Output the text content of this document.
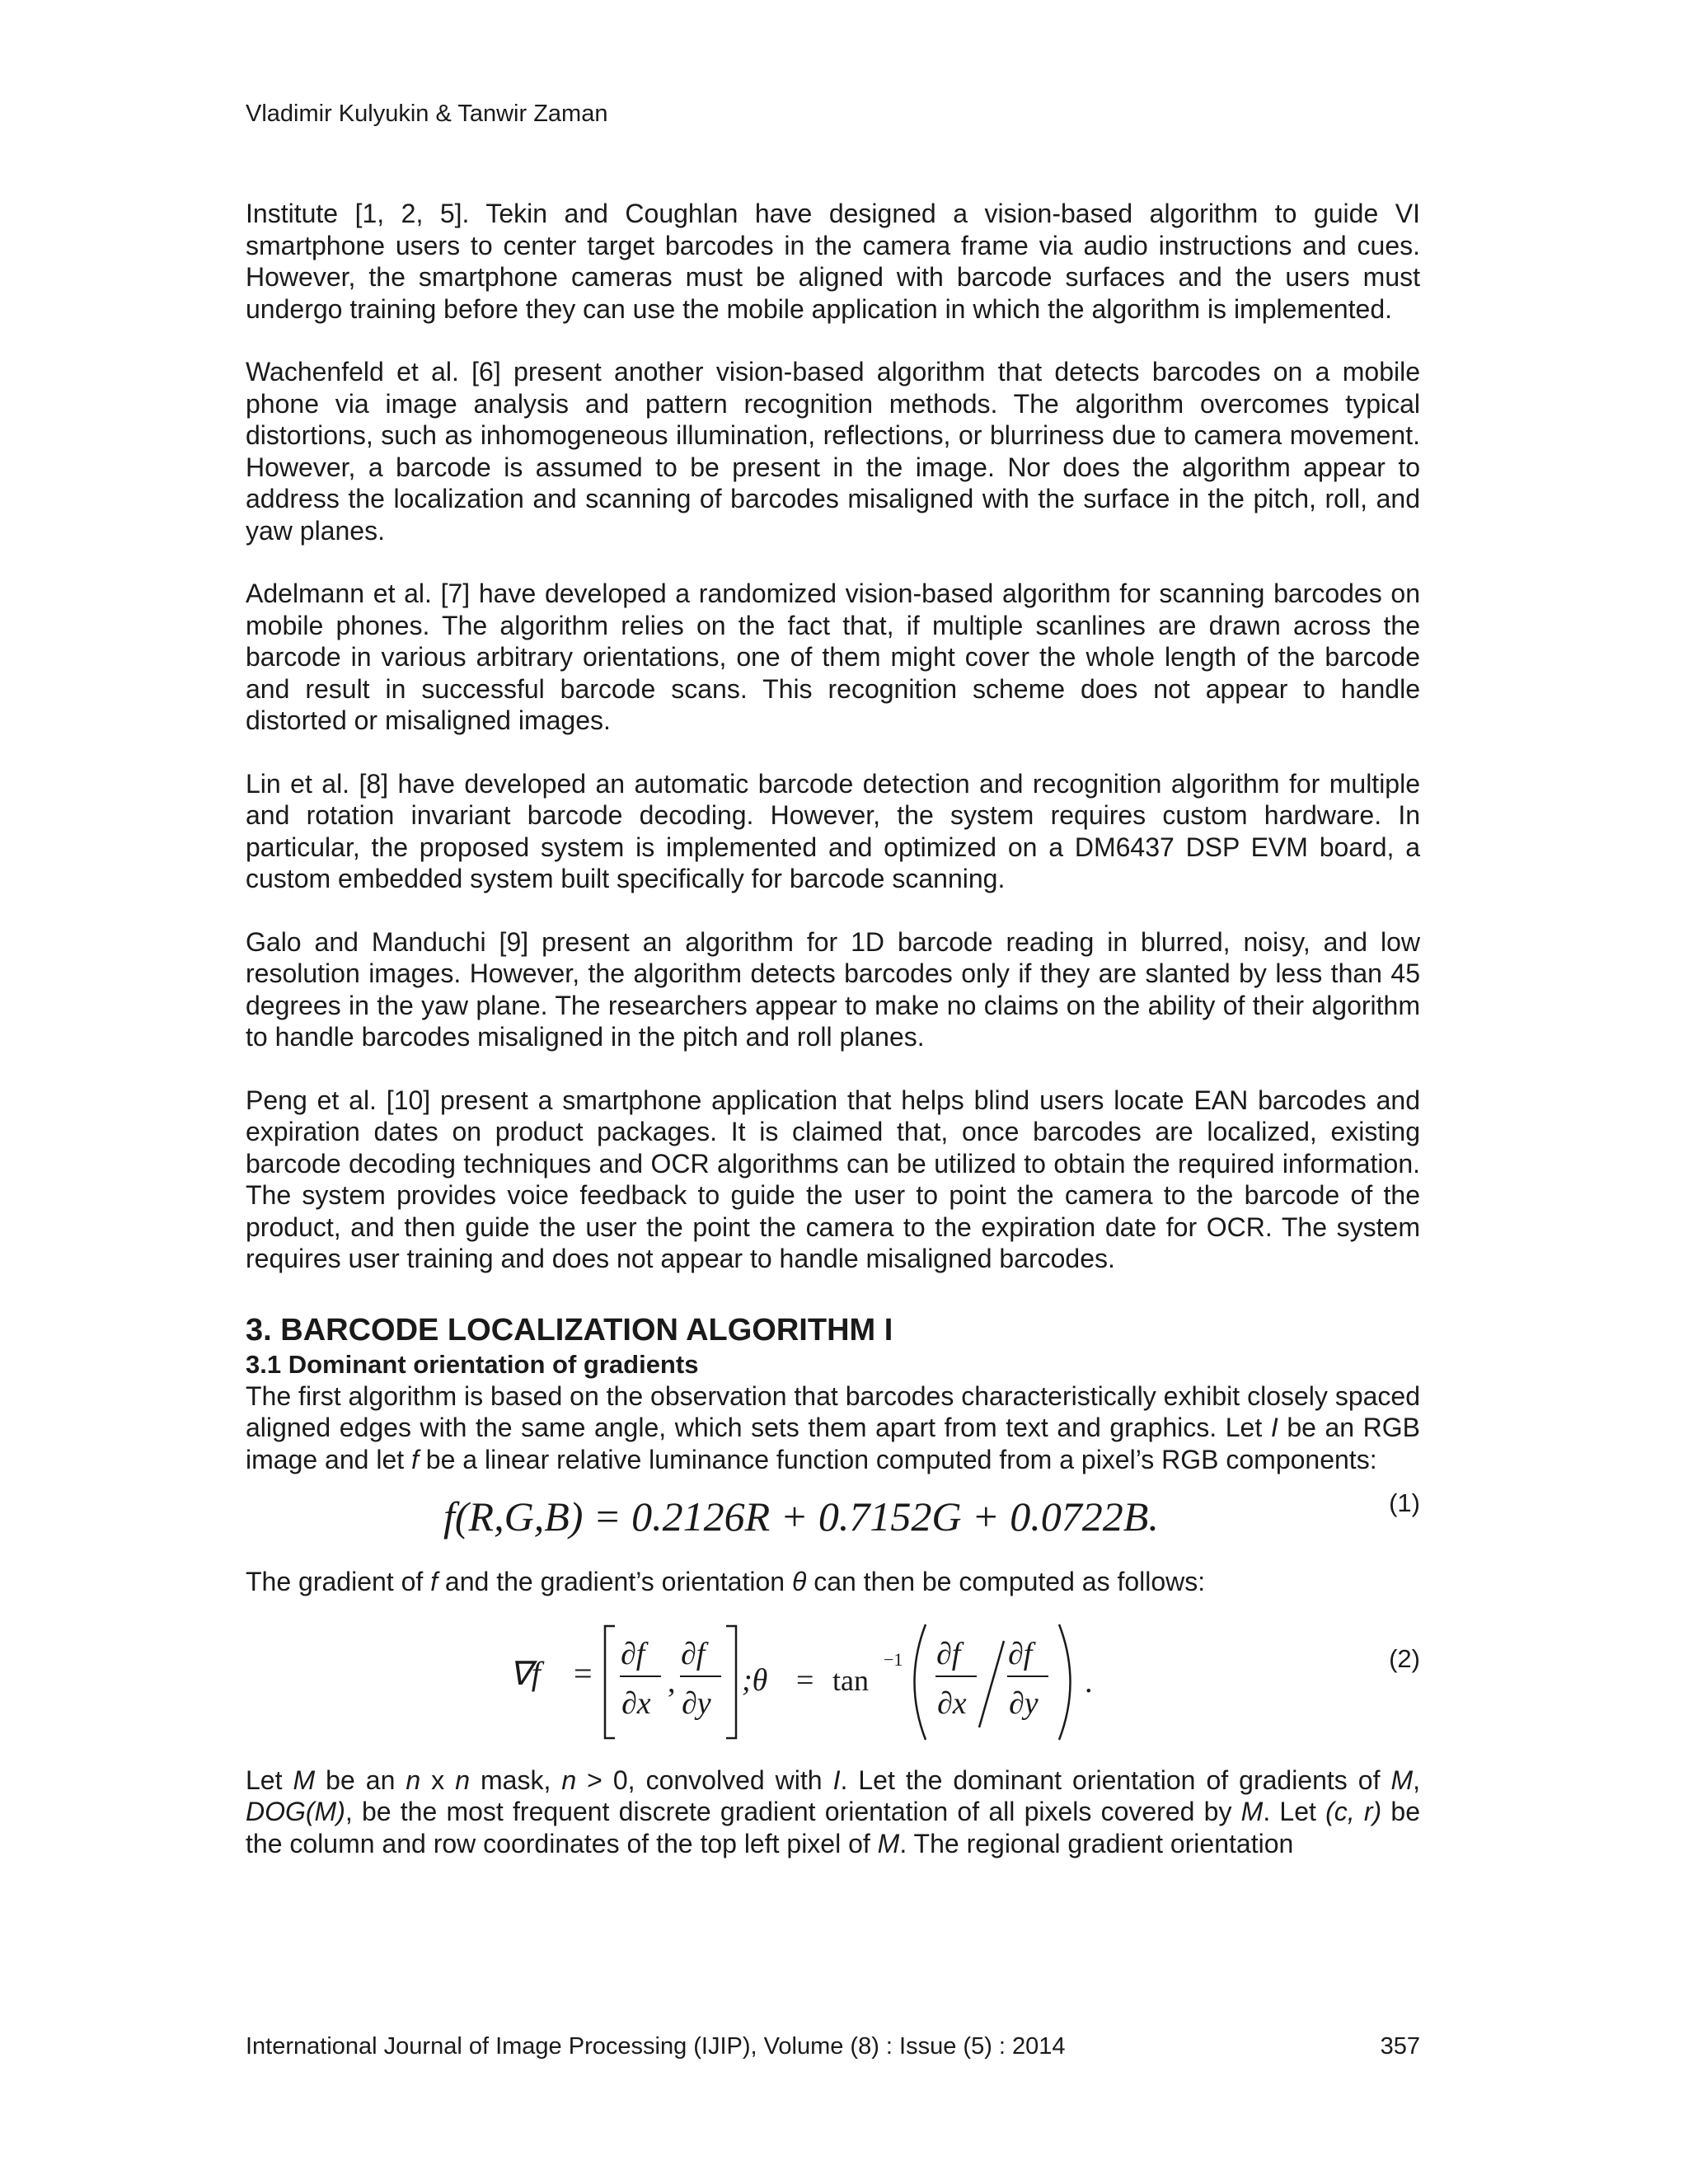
Vladimir Kulyukin & Tanwir Zaman

Institute [1, 2, 5]. Tekin and Coughlan have designed a vision-based algorithm to guide VI smartphone users to center target barcodes in the camera frame via audio instructions and cues. However, the smartphone cameras must be aligned with barcode surfaces and the users must undergo training before they can use the mobile application in which the algorithm is implemented.

Wachenfeld et al. [6] present another vision-based algorithm that detects barcodes on a mobile phone via image analysis and pattern recognition methods. The algorithm overcomes typical distortions, such as inhomogeneous illumination, reflections, or blurriness due to camera movement. However, a barcode is assumed to be present in the image. Nor does the algorithm appear to address the localization and scanning of barcodes misaligned with the surface in the pitch, roll, and yaw planes.

Adelmann et al. [7] have developed a randomized vision-based algorithm for scanning barcodes on mobile phones. The algorithm relies on the fact that, if multiple scanlines are drawn across the barcode in various arbitrary orientations, one of them might cover the whole length of the barcode and result in successful barcode scans. This recognition scheme does not appear to handle distorted or misaligned images.

Lin et al. [8] have developed an automatic barcode detection and recognition algorithm for multiple and rotation invariant barcode decoding. However, the system requires custom hardware. In particular, the proposed system is implemented and optimized on a DM6437 DSP EVM board, a custom embedded system built specifically for barcode scanning.

Galo and Manduchi [9] present an algorithm for 1D barcode reading in blurred, noisy, and low resolution images. However, the algorithm detects barcodes only if they are slanted by less than 45 degrees in the yaw plane. The researchers appear to make no claims on the ability of their algorithm to handle barcodes misaligned in the pitch and roll planes.

Peng et al. [10] present a smartphone application that helps blind users locate EAN barcodes and expiration dates on product packages. It is claimed that, once barcodes are localized, existing barcode decoding techniques and OCR algorithms can be utilized to obtain the required information. The system provides voice feedback to guide the user to point the camera to the barcode of the product, and then guide the user the point the camera to the expiration date for OCR. The system requires user training and does not appear to handle misaligned barcodes.

3. BARCODE LOCALIZATION ALGORITHM I
3.1 Dominant orientation of gradients

The first algorithm is based on the observation that barcodes characteristically exhibit closely spaced aligned edges with the same angle, which sets them apart from text and graphics. Let I be an RGB image and let f be a linear relative luminance function computed from a pixel’s RGB components:

f(R,G,B) = 0.2126R + 0.7152G + 0.0722B.	(1)

The gradient of f and the gradient’s orientation θ can then be computed as follows:

∇f =
∂f
∂x
,
∂f
∂y
;θ = tan
−1 ∂f
∂x
∂f
∂y
.
(2)

Let M be an n x n mask, n > 0, convolved with I. Let the dominant orientation of gradients of M, DOG(M), be the most frequent discrete gradient orientation of all pixels covered by M. Let (c, r) be the column and row coordinates of the top left pixel of M. The regional gradient orientation

International Journal of Image Processing (IJIP), Volume (8) : Issue (5) : 2014	357
